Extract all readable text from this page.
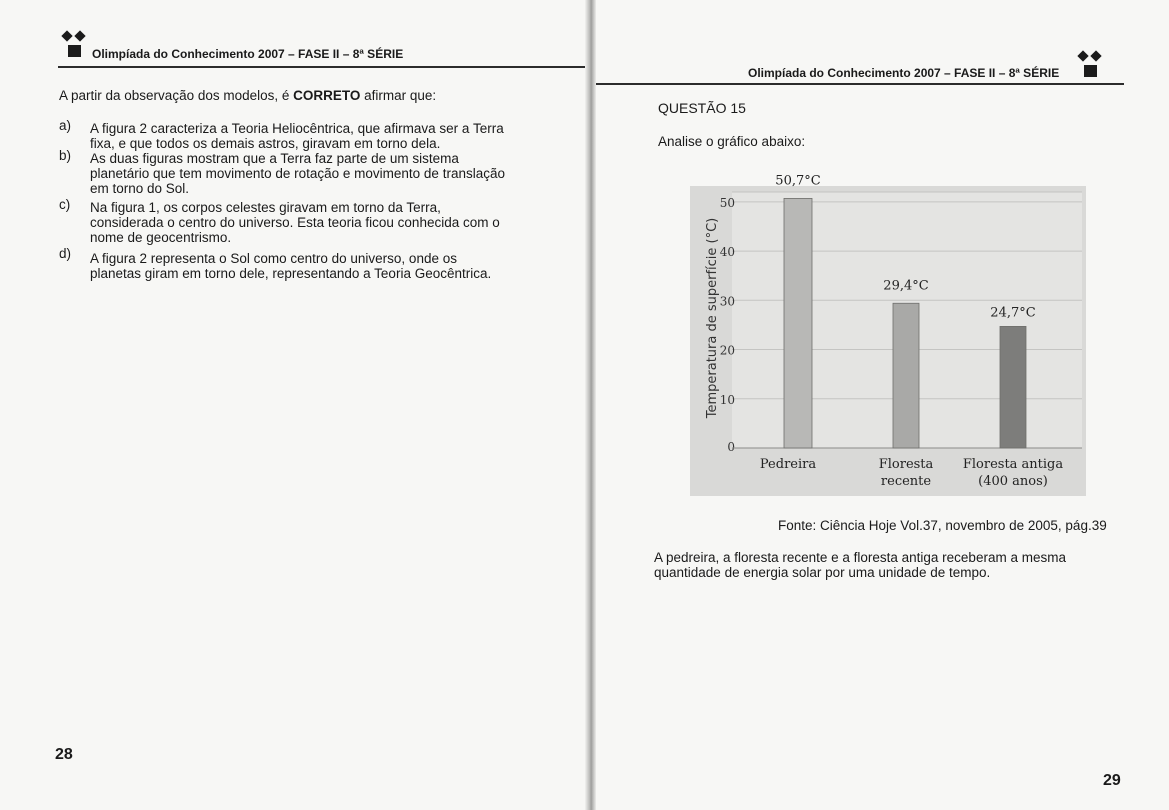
Olimpíada do Conhecimento 2007 – FASE II – 8ª SÉRIE
A partir da observação dos modelos, é CORRETO afirmar que:
a) A figura 2 caracteriza a Teoria Heliocêntrica, que afirmava ser a Terra
fixa, e que todos os demais astros, giravam em torno dela.
b) As duas figuras mostram que a Terra faz parte de um sistema
planetário que tem movimento de rotação e movimento de translação
em torno do Sol.
c) Na figura 1, os corpos celestes giravam em torno da Terra,
considerada o centro do universo. Esta teoria ficou conhecida com o
nome de geocentrismo.
d) A figura 2 representa o Sol como centro do universo, onde os
planetas giram em torno dele, representando a Teoria Geocêntrica.
28
Olimpíada do Conhecimento 2007 – FASE II – 8ª SÉRIE
QUESTÃO 15
Analise o gráfico abaixo:
0
10
20
30
40
50
Temperatura de superfície (°C)
50,7°C
29,4°C
24,7°C
Pedreira	Floresta
recente
Floresta antiga
(400 anos)
Fonte: Ciência Hoje Vol.37, novembro de 2005, pág.39
A pedreira, a floresta recente e a floresta antiga receberam a mesma
quantidade de energia solar por uma unidade de tempo.
29
